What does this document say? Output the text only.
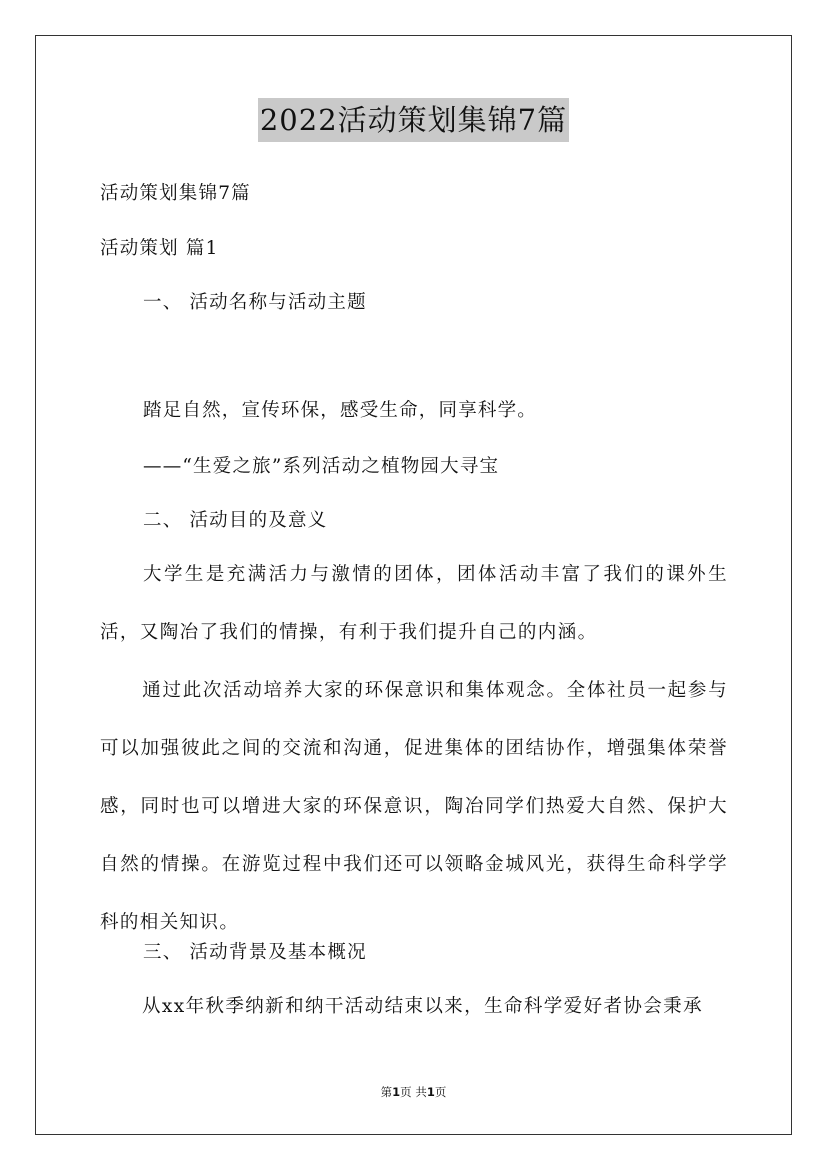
2022活动策划集锦7篇
活动策划集锦7篇
活动策划 篇1
一、 活动名称与活动主题
踏足自然，宣传环保，感受生命，同享科学。
——“生爱之旅”系列活动之植物园大寻宝
二、 活动目的及意义
大学生是充满活力与激情的团体，团体活动丰富了我们的课外生活，又陶冶了我们的情操，有利于我们提升自己的内涵。
通过此次活动培养大家的环保意识和集体观念。全体社员一起参与可以加强彼此之间的交流和沟通，促进集体的团结协作，增强集体荣誉感，同时也可以增进大家的环保意识，陶冶同学们热爱大自然、保护大自然的情操。在游览过程中我们还可以领略金城风光，获得生命科学学科的相关知识。
三、 活动背景及基本概况
从xx年秋季纳新和纳干活动结束以来，生命科学爱好者协会秉承
第1页 共1页
